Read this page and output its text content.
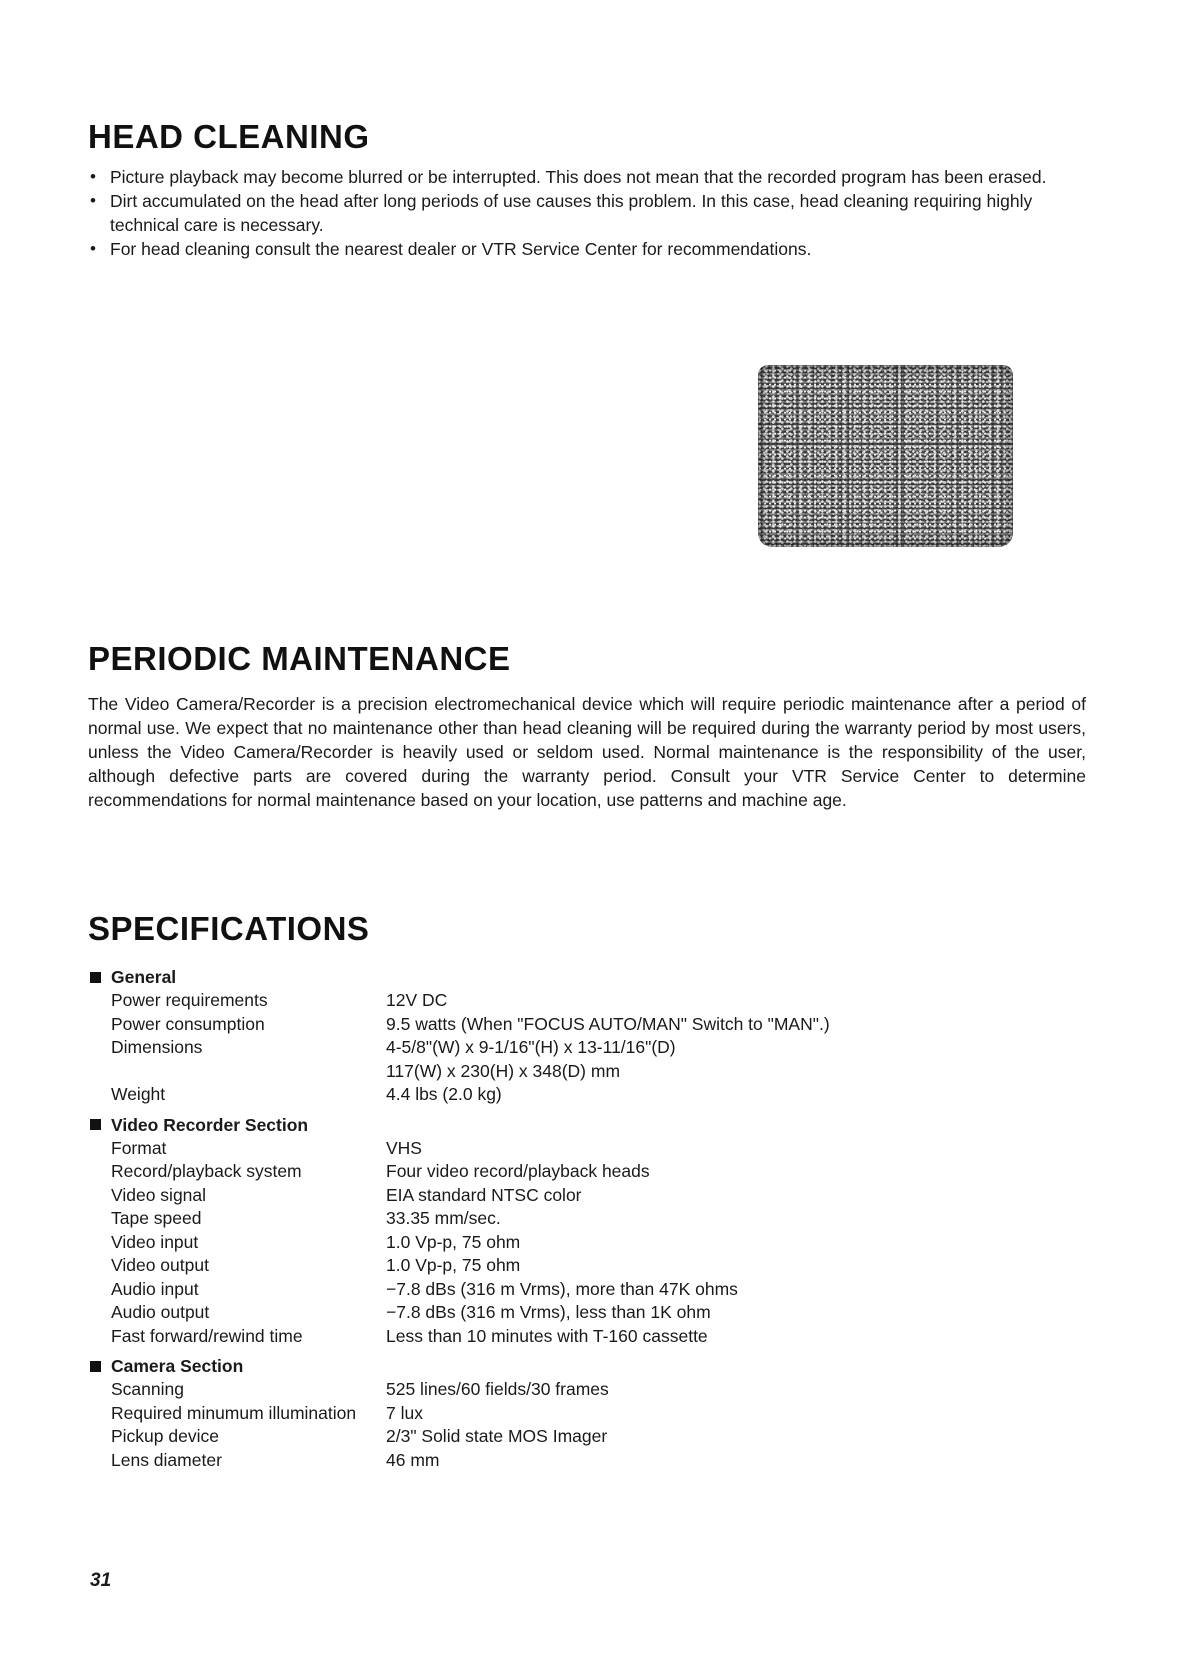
HEAD CLEANING
• Picture playback may become blurred or be interrupted. This does not mean that the recorded program has been erased.
• Dirt accumulated on the head after long periods of use causes this problem. In this case, head cleaning requiring highly technical care is necessary.
• For head cleaning consult the nearest dealer or VTR Service Center for recommendations.
PERIODIC MAINTENANCE

The Video Camera/Recorder is a precision electromechanical device which will require periodic maintenance after a period of normal use. We expect that no maintenance other than head cleaning will be required during the warranty period by most users, unless the Video Camera/Recorder is heavily used or seldom used. Normal maintenance is the responsibility of the user, although defective parts are covered during the warranty period. Consult your VTR Service Center to determine recommendations for normal maintenance based on your location, use patterns and machine age.

SPECIFICATIONS
General
Power requirements	12V DC
Power consumption	9.5 watts (When "FOCUS AUTO/MAN" Switch to "MAN".)
Dimensions	4-5/8"(W) x 9-1/16"(H) x 13-11/16"(D)
117(W) x 230(H) x 348(D) mm
Weight	4.4 lbs (2.0 kg)
Video Recorder Section
Format	VHS
Record/playback system	Four video record/playback heads
Video signal	EIA standard NTSC color
Tape speed	33.35 mm/sec.
Video input	1.0 Vp-p, 75 ohm
Video output	1.0 Vp-p, 75 ohm
Audio input	−7.8 dBs (316 m Vrms), more than 47K ohms
Audio output	−7.8 dBs (316 m Vrms), less than 1K ohm
Fast forward/rewind time	Less than 10 minutes with T-160 cassette
Camera Section
Scanning	525 lines/60 fields/30 frames
Required minumum illumination	7 lux
Pickup device	2/3" Solid state MOS Imager
Lens diameter	46 mm
31
